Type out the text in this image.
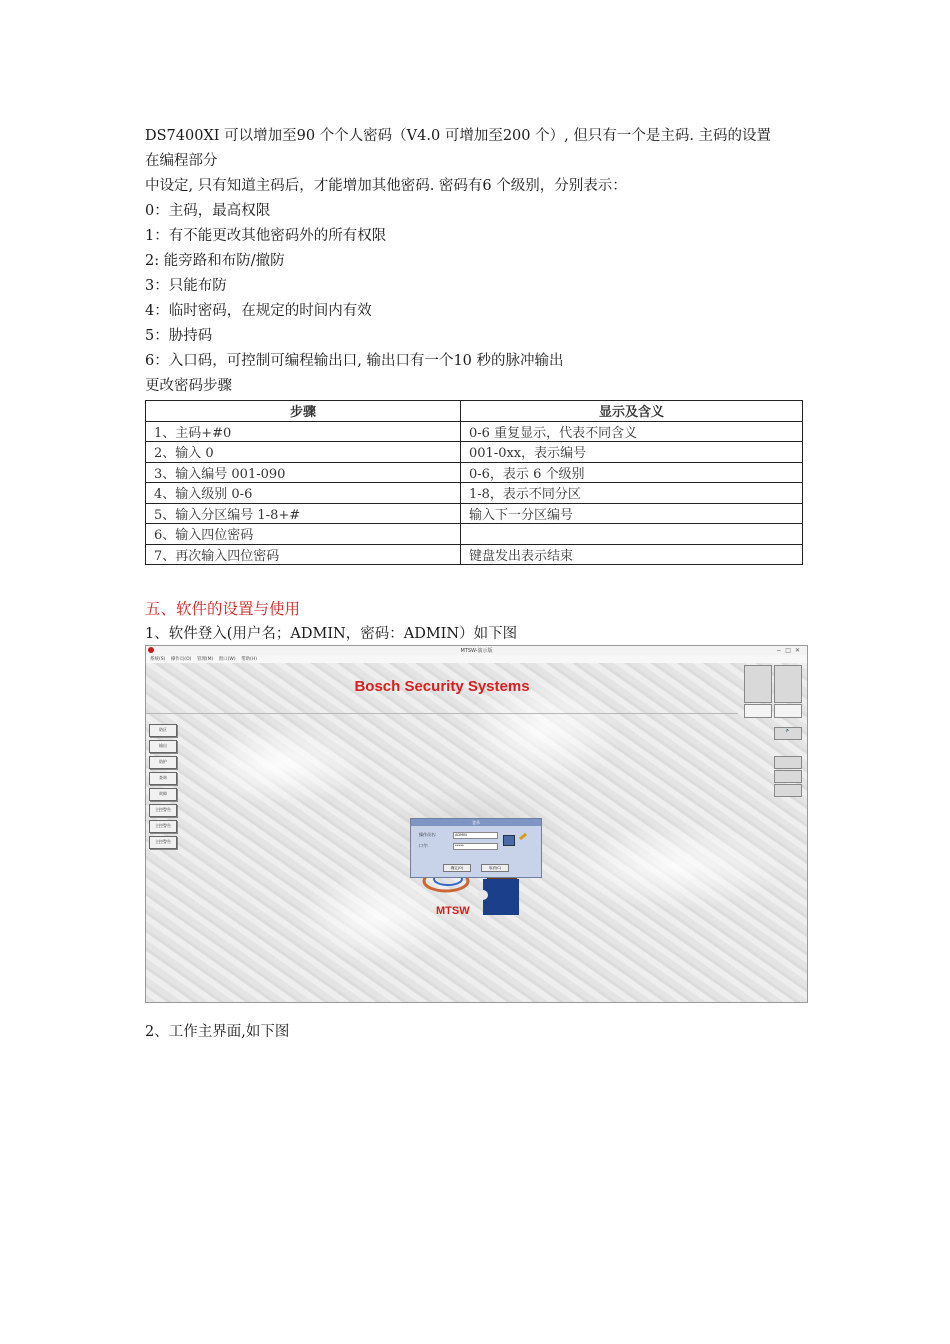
DS7400XI 可以增加至90 个个人密码（V4.0 可增加至200 个）, 但只有一个是主码. 主码的设置
在编程部分
中设定, 只有知道主码后，才能增加其他密码. 密码有6 个级别，分别表示：
0：主码，最高权限
1：有不能更改其他密码外的所有权限
2: 能旁路和布防/撤防
3：只能布防
4：临时密码，在规定的时间内有效
5：胁持码
6：入口码，可控制可编程输出口, 输出口有一个10 秒的脉冲输出
更改密码步骤
步骤	显示及含义
1、主码+#0	0-6 重复显示，代表不同含义
2、输入 0	001-0xx，表示编号
3、输入编号 001-090	0-6，表示 6 个级别
4、输入级别 0-6	1-8，表示不同分区
5、输入分区编号 1-8+#	输入下一分区编号
6、输入四位密码	
7、再次输入四位密码	键盘发出表示结束
五、软件的设置与使用
1、软件登入(用户名；ADMIN，密码：ADMIN）如下图
MTSW-演示版	−□✕
系统(S) 操作员(O) 管理(M) 窗口(W) 帮助(H)
Bosch Security Systems
防区
输出
防护
查询
故障
主控警告
主控警告
主控警告
🔈
MTSW
登录
操作员名:	ADMIN
口令:	*****
确定(O)	取消(C)
2、工作主界面,如下图
